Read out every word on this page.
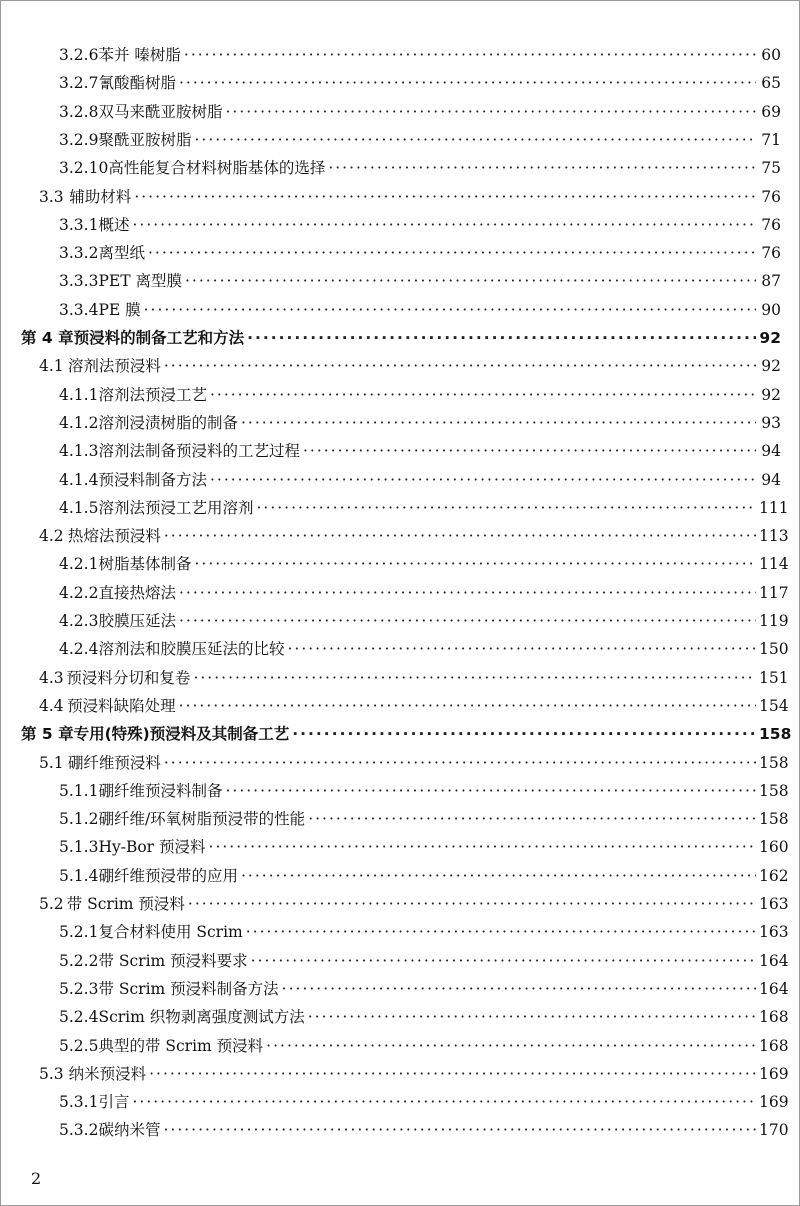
3.2.6 苯并 嗪树脂 ·····	60
3.2.7 氰酸酯树脂 ·····	65
3.2.8 双马来酰亚胺树脂 ·····	69
3.2.9 聚酰亚胺树脂 ·····	71
3.2.10 高性能复合材料树脂基体的选择 ·····	75
3.3 辅助材料 ·····	76
3.3.1 概述 ·····	76
3.3.2 离型纸 ·····	76
3.3.3 PET 离型膜 ·····	87
3.3.4 PE 膜 ·····	90
第 4 章 预浸料的制备工艺和方法 ·····	92
4.1 溶剂法预浸料 ·····	92
4.1.1 溶剂法预浸工艺 ·····	92
4.1.2 溶剂浸渍树脂的制备 ·····	93
4.1.3 溶剂法制备预浸料的工艺过程 ·····	94
4.1.4 预浸料制备方法 ·····	94
4.1.5 溶剂法预浸工艺用溶剂 ·····	111
4.2 热熔法预浸料 ·····	113
4.2.1 树脂基体制备 ·····	114
4.2.2 直接热熔法 ·····	117
4.2.3 胶膜压延法 ·····	119
4.2.4 溶剂法和胶膜压延法的比较 ·····	150
4.3 预浸料分切和复卷 ·····	151
4.4 预浸料缺陷处理 ·····	154
第 5 章 专用(特殊)预浸料及其制备工艺 ·····	158
5.1 硼纤维预浸料 ·····	158
5.1.1 硼纤维预浸料制备 ·····	158
5.1.2 硼纤维/环氧树脂预浸带的性能 ·····	158
5.1.3 Hy-Bor 预浸料 ·····	160
5.1.4 硼纤维预浸带的应用 ·····	162
5.2 带 Scrim 预浸料 ·····	163
5.2.1 复合材料使用 Scrim ·····	163
5.2.2 带 Scrim 预浸料要求 ·····	164
5.2.3 带 Scrim 预浸料制备方法 ·····	164
5.2.4 Scrim 织物剥离强度测试方法 ·····	168
5.2.5 典型的带 Scrim 预浸料 ·····	168
5.3 纳米预浸料 ·····	169
5.3.1 引言 ·····	169
5.3.2 碳纳米管 ·····	170
2
